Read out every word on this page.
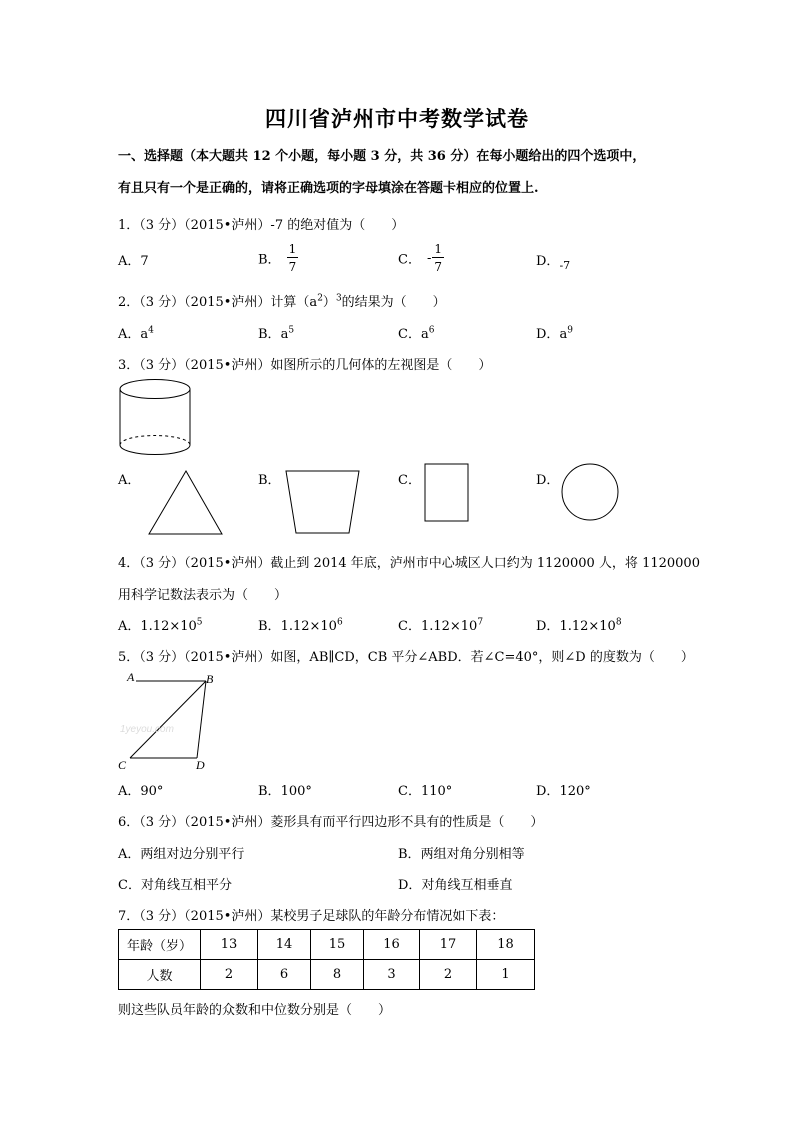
四川省泸州市中考数学试卷
一、选择题（本大题共 12 个小题，每小题 3 分，共 36 分）在每小题给出的四个选项中，
有且只有一个是正确的，请将正确选项的字母填涂在答题卡相应的位置上.
1．（3 分）（2015•泸州）-7 的绝对值为（　　）
A．7	B． $\frac{1}{7}$	C． - $\frac{1}{7}$	D．$_{-7}$
2．（3 分）（2015•泸州）计算$(a^2)^3$的结果为（　　）
A．$a^4$	B．$a^5$	C．$a^6$	D．$a^9$
3．（3 分）（2015•泸州）如图所示的几何体的左视图是（　　）
A．	B．	C．	D．
4．（3 分）（2015•泸州）截止到 2014 年底，泸州市中心城区人口约为 1120000 人，将 1120000
用科学记数法表示为（　　）
A．$1.12\times 10^5$	B．$1.12\times 10^6$	C．$1.12\times 10^7$	D．$1.12\times 10^8$
5．（3 分）（2015•泸州）如图，AB∥CD，CB 平分∠ABD．若∠C=40°，则∠D 的度数为（　　）
A	B
C	D
1yeyou.com
A．90°	B．100°	C．110°	D．120°
6．（3 分）（2015•泸州）菱形具有而平行四边形不具有的性质是（　　）
A．两组对边分别平行	B．两组对角分别相等
C．对角线互相平分	D．对角线互相垂直
7．（3 分）（2015•泸州）某校男子足球队的年龄分布情况如下表：
年龄（岁）	13	14	15	16	17	18
人数	2	6	8	3	2	1
则这些队员年龄的众数和中位数分别是（　　）
